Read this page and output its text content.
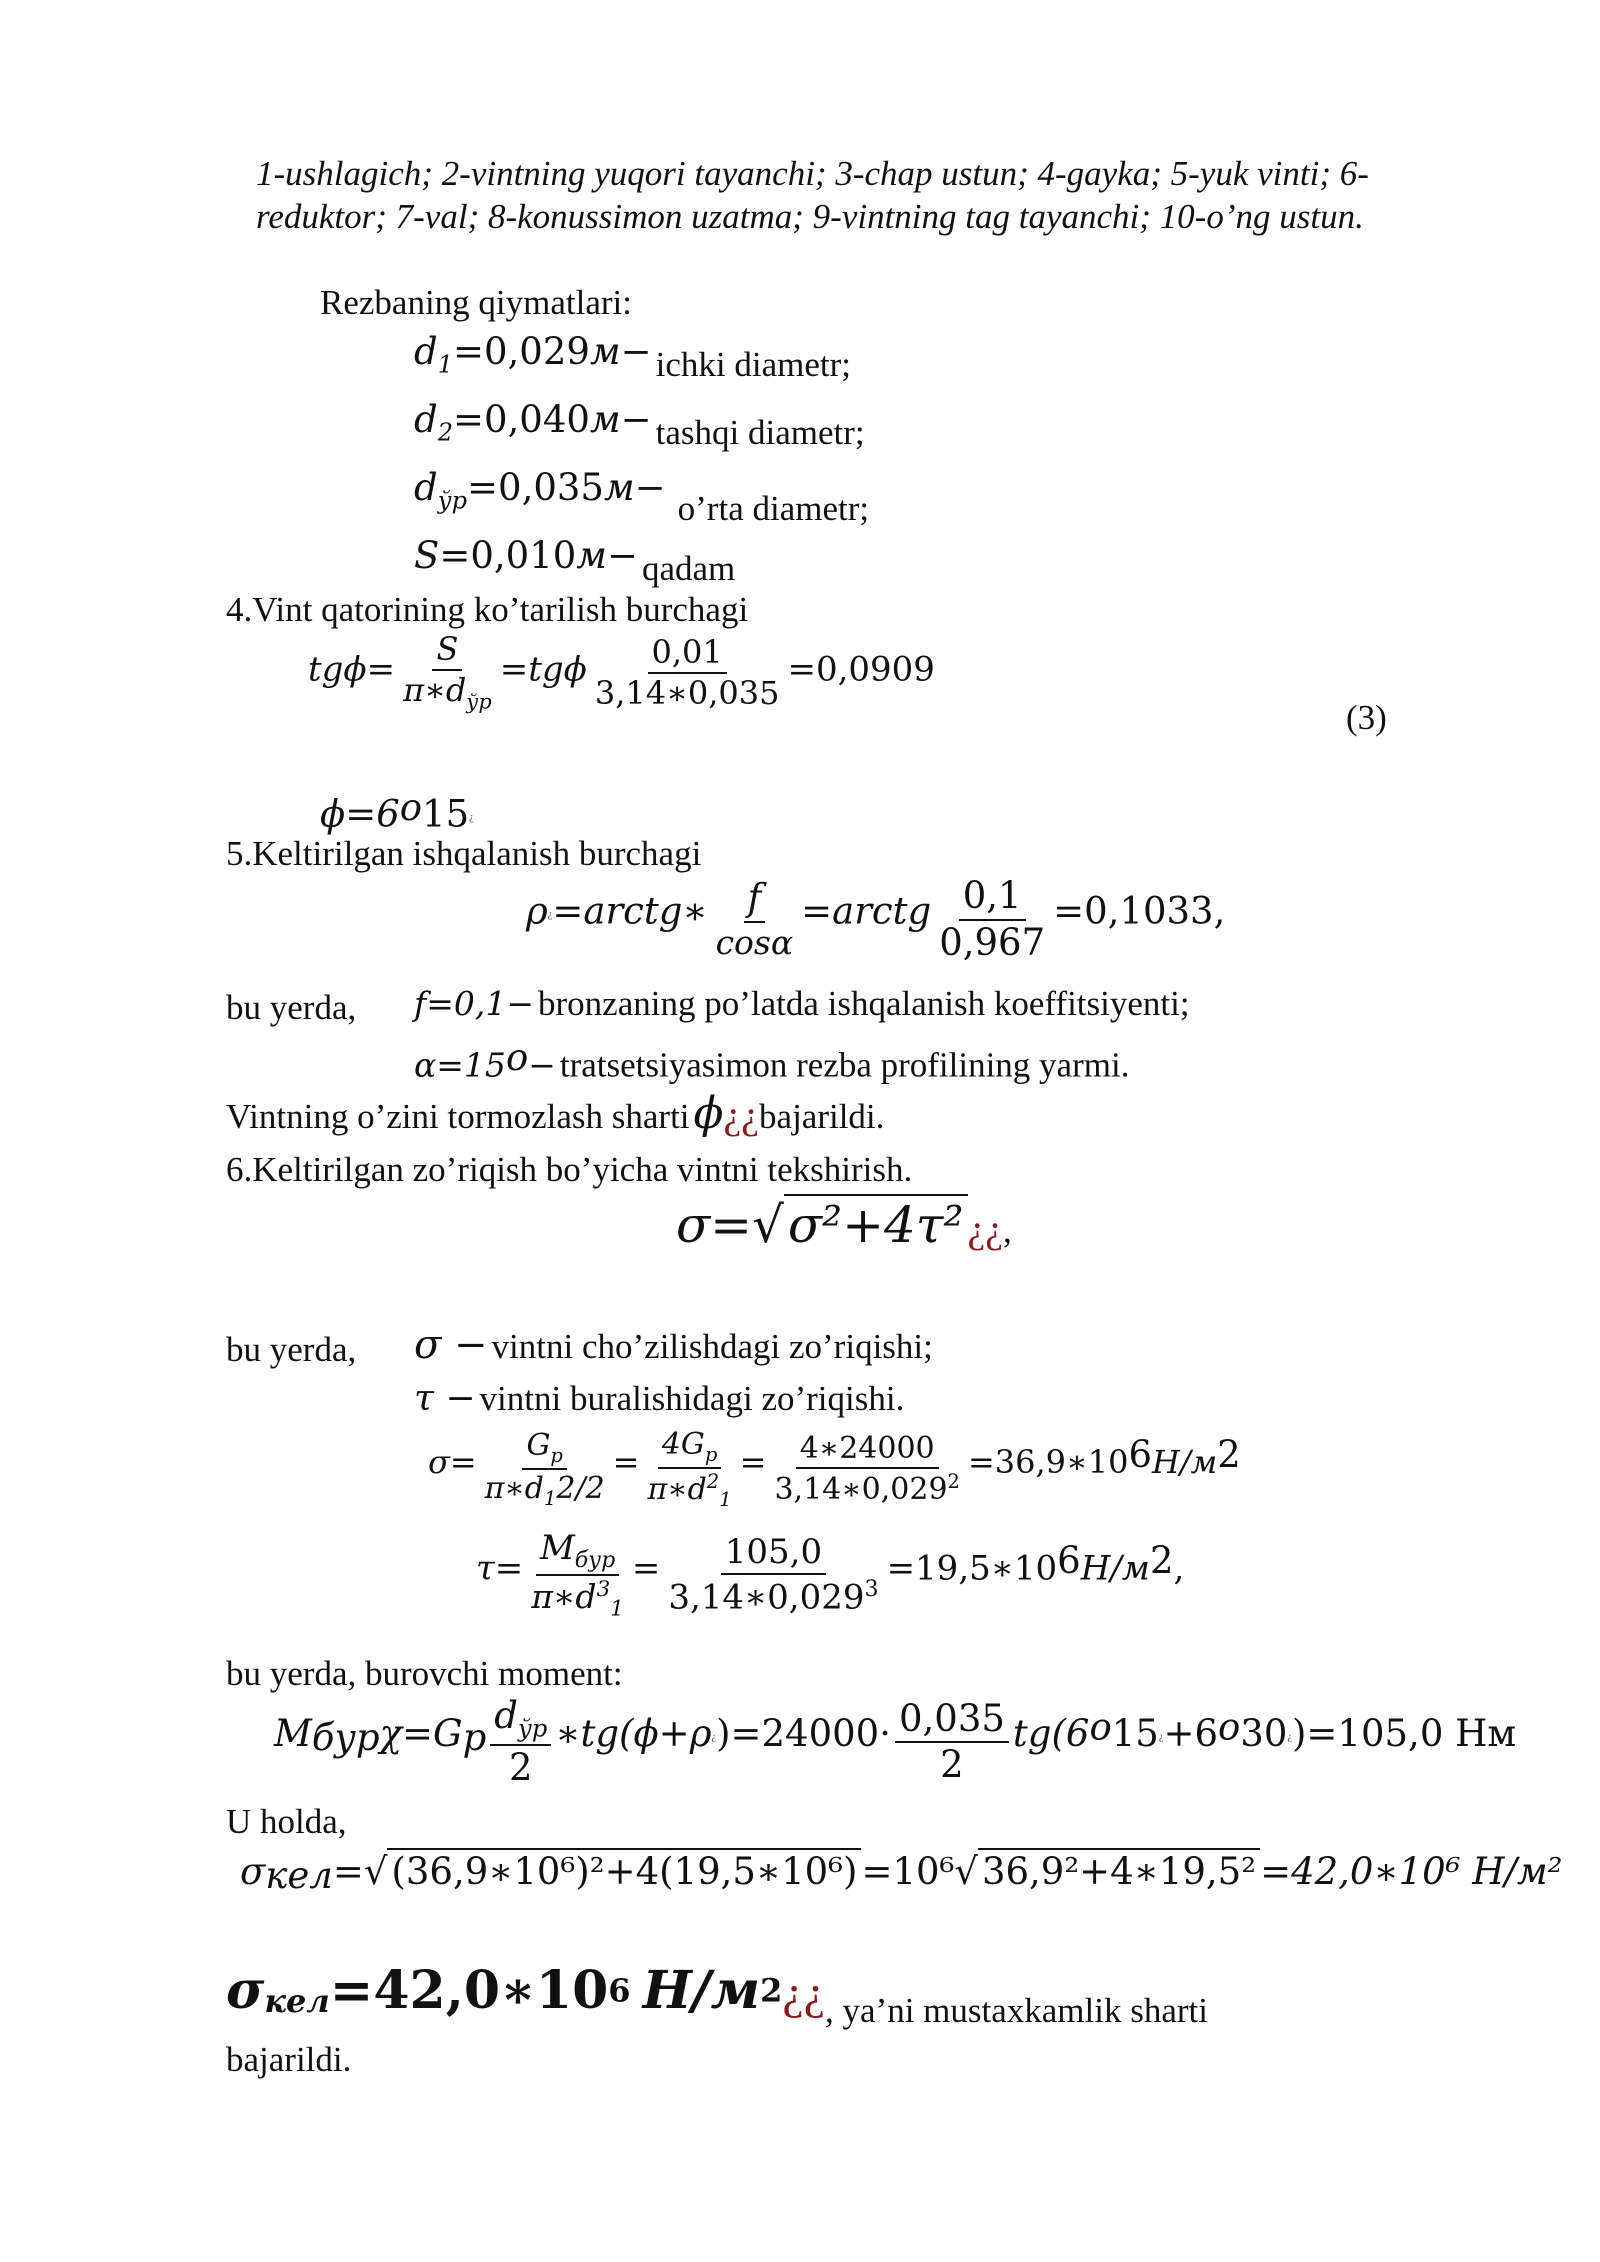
1-ushlagich; 2-vintning yuqori tayanchi; 3-chap ustun; 4-gayka; 5-yuk vinti; 6-
reduktor; 7-val; 8-konussimon uzatma; 9-vintning tag tayanchi; 10-o’ng ustun.
Rezbaning qiymatlari:
$d_1=0,029м-$ ichki diametr;
$d_2=0,040м-$ tashqi diametr;
$d_{ўр}=0,035м-$ o’rta diametr;
S=0,010м− qadam
4.Vint qatorining ko’tarilish burchagi
$tg\phi= \frac{S}{\pi∗d_{ўр}} =tg\phi \frac{0,01}{3,14∗0,035} =0,0909$
(3)
$\phi=6^o15^¿$
5.Keltirilgan ishqalanish burchagi
ρ¿=arctg∗ $\frac{f}{\cos\alpha}$ =arctg $\frac{0,1}{0,967} =0,1033$,
bu yerda, f=0,1− bronzaning po’latda ishqalanish koeffitsiyenti;
$\alpha=15^o-$ tratsetsiyasimon rezba profilining yarmi.
Vintning o’zini tormozlash sharti ϕ¿¿bajarildi.
6.Keltirilgan zo’riqish bo’yicha vintni tekshirish.
σ=√σ²+4τ² ¿¿,
bu yerda, σ − vintni cho’zilishdagi zo’riqishi;
τ − vintni buralishidagi zo’riqishi.
$\sigma= \frac{G_p}{\pi∗d_12/2} = \frac{4G_p}{\pi∗d^2_1} = \frac{4∗24000}{3,14∗0,029^2}$ $=36,9∗10^6H/м^2$
$\tau= \frac{M_{бур}}{\pi∗d^3_1} = \frac{105,0}{3,14∗0,029^3}$ $=19,5∗10^6H/м^2$,
bu yerda, burovchi moment:
$M_{бур}\chi=G_p \frac{d_{ўр}}{2}$ ∗tg(ϕ+ρ¿)=24000· $\frac{0,035}{2} tg(6^o15^¿+6^o30^¿)=105,0$ Hм
U holda,
$\sigma_{кел}=√$ (36,9∗10⁶)²+4(19,5∗10⁶) =10⁶√ 36,9²+4∗19,5² =42,0∗10⁶ H/м²
$\sigma_{кел}=42,0∗10^6$ $H/м^2¿¿$, ya’ni mustaxkamlik sharti
bajarildi.
